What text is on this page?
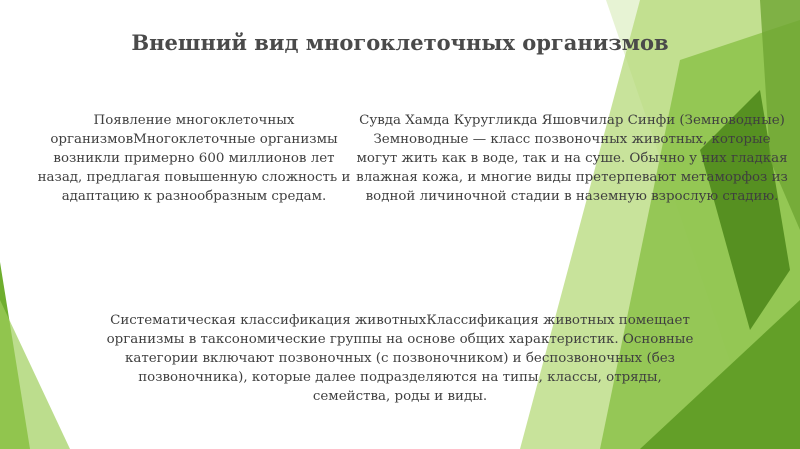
Внешний вид многоклеточных организмов

Появление многоклеточных организмовМногоклеточные организмы возникли примерно 600 миллионов лет назад, предлагая повышенную сложность и адаптацию к разнообразным средам.

Сувда Хамда Куругликда Яшовчилар Синфи (Земноводные) Земноводные — класс позвоночных животных, которые могут жить как в воде, так и на суше. Обычно у них гладкая влажная кожа, и многие виды претерпевают метаморфоз из водной личиночной стадии в наземную взрослую стадию.

Систематическая классификация животныхКлассификация животных помещает организмы в таксономические группы на основе общих характеристик. Основные категории включают позвоночных (с позвоночником) и беспозвоночных (без позвоночника), которые далее подразделяются на типы, классы, отряды, семейства, роды и виды.
